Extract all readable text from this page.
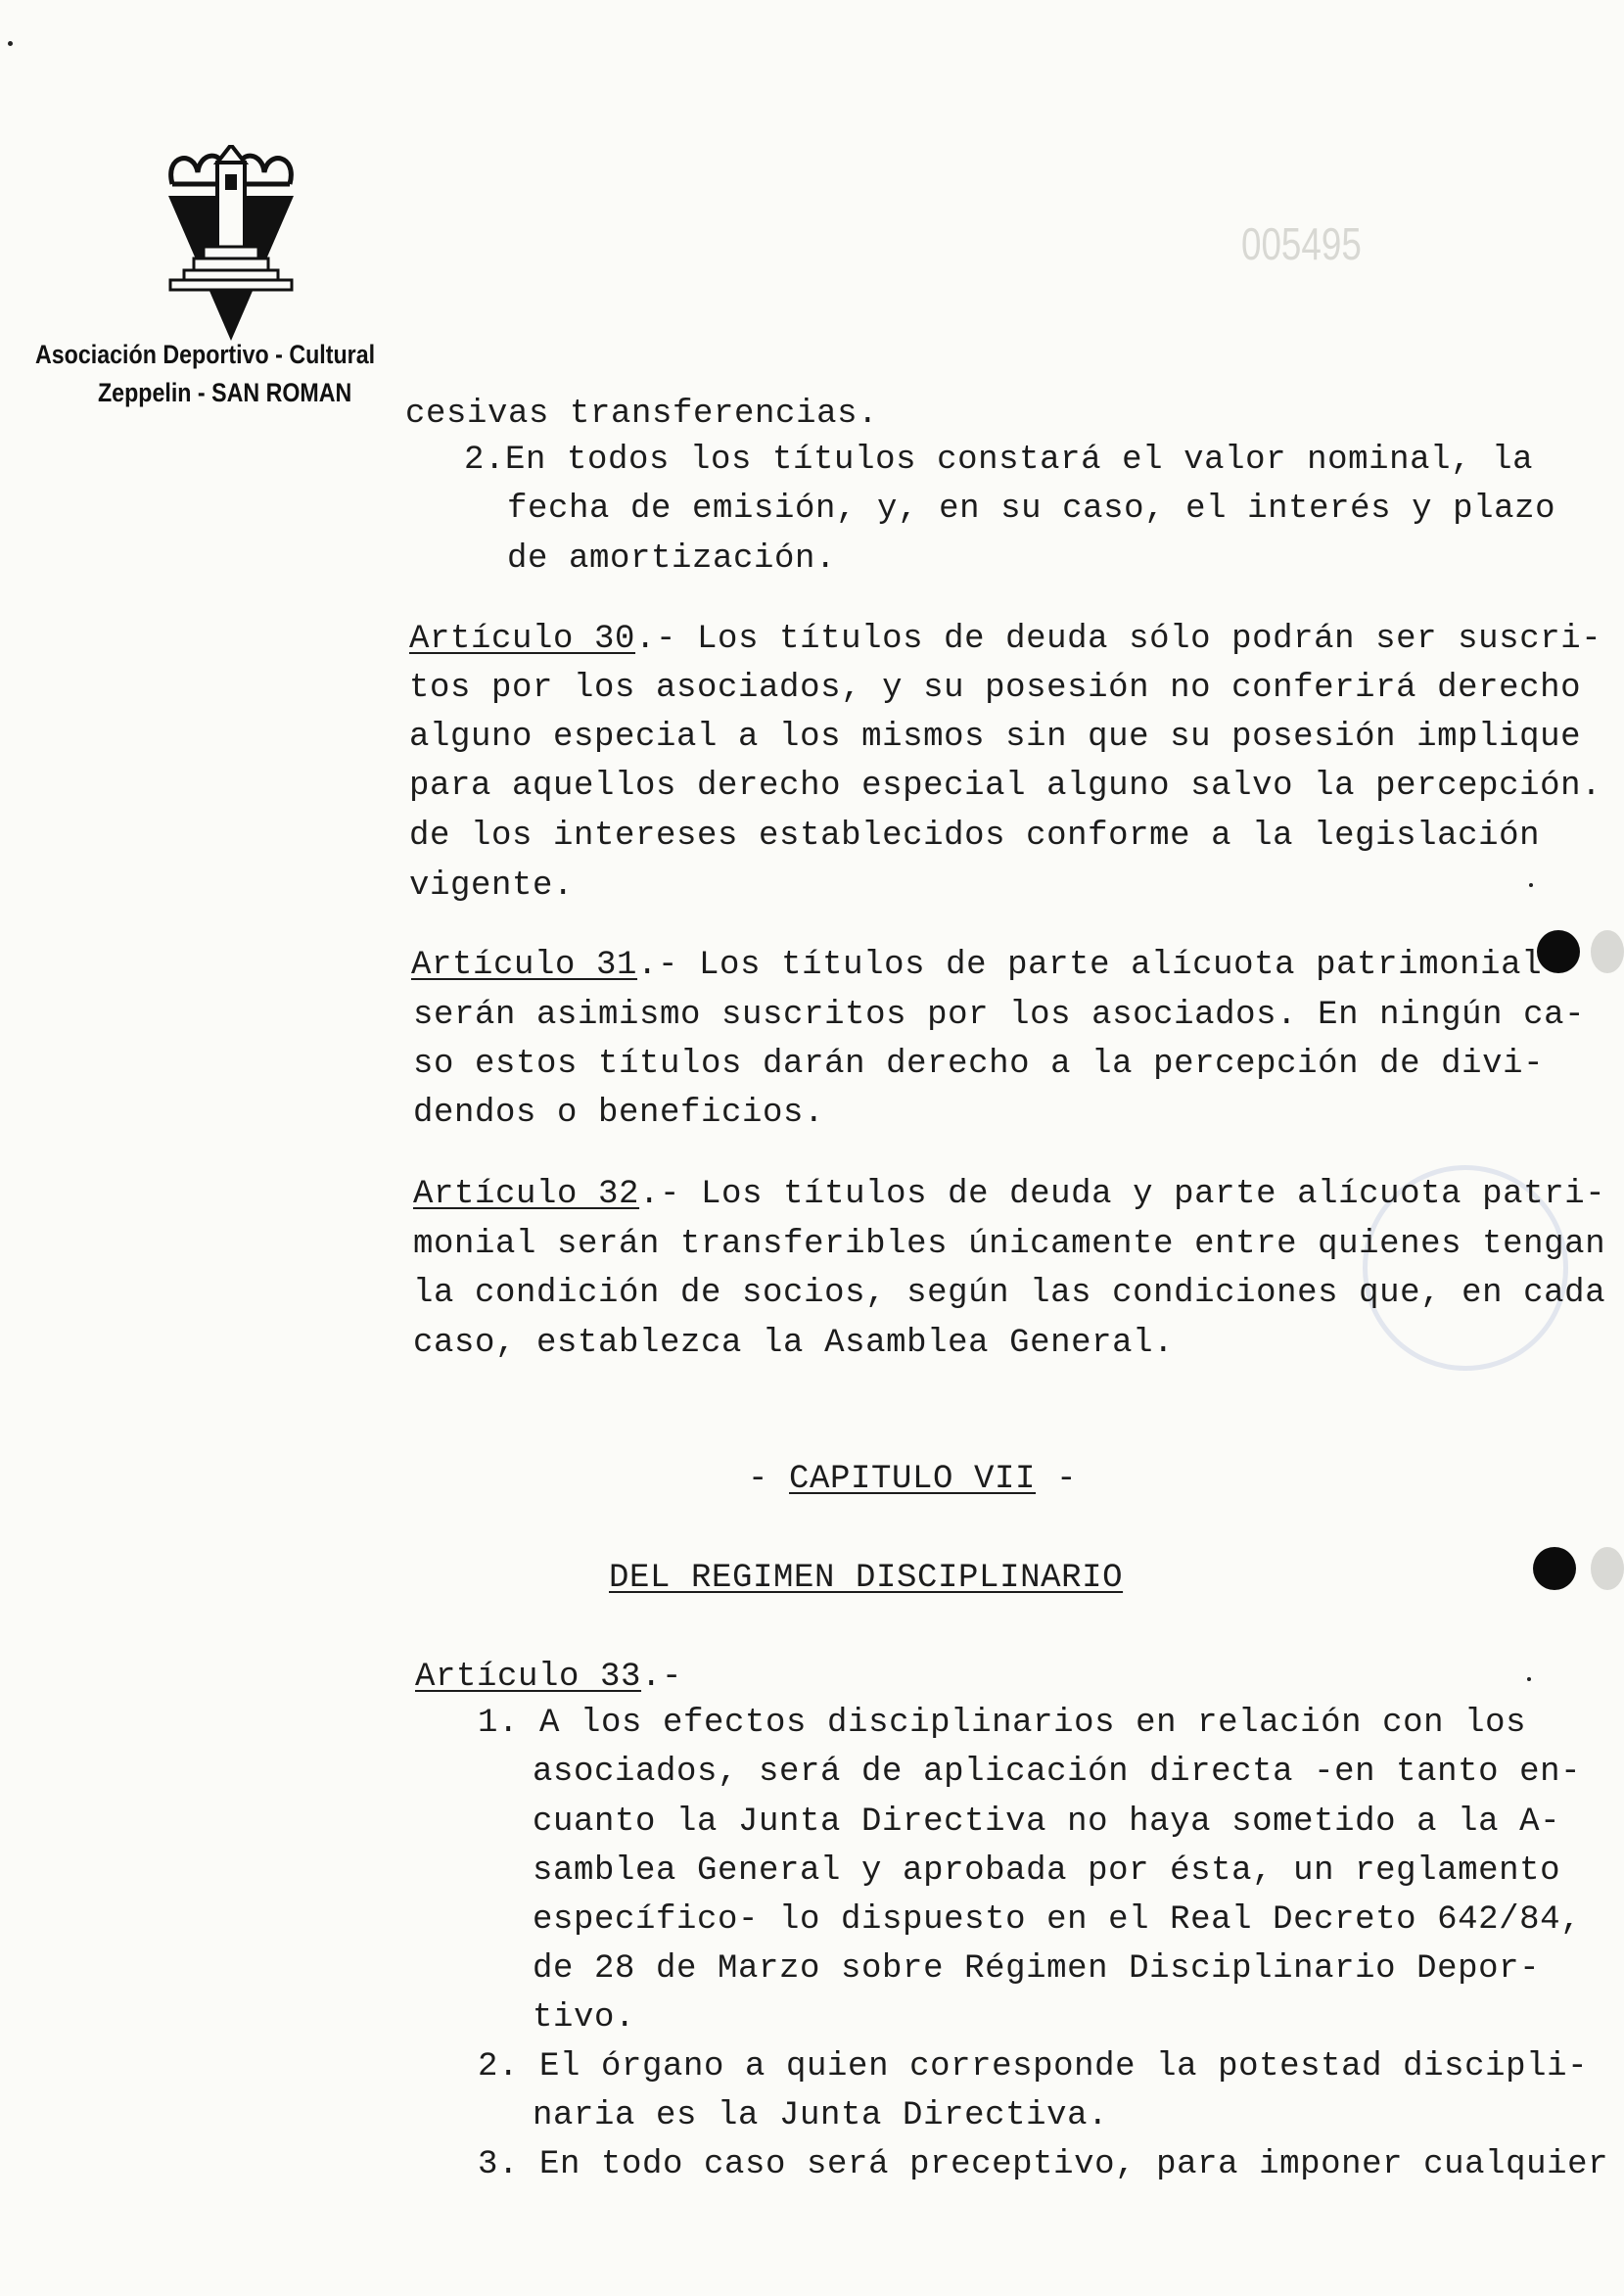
005495
Asociación Deportivo - Cultural
Zeppelin - SAN ROMAN
cesivas transferencias.
2.En todos los títulos constará el valor nominal, la
fecha de emisión, y, en su caso, el interés y plazo
de amortización.
Artículo 30.- Los títulos de deuda sólo podrán ser suscri-
tos por los asociados, y su posesión no conferirá derecho
alguno especial a los mismos sin que su posesión implique
para aquellos derecho especial alguno salvo la percepción.
de los intereses establecidos conforme a la legislación
vigente.
Artículo 31.- Los títulos de parte alícuota patrimonial
serán asimismo suscritos por los asociados. En ningún ca-
so estos títulos darán derecho a la percepción de divi-
dendos o beneficios.
Artículo 32.- Los títulos de deuda y parte alícuota patri-
monial serán transferibles únicamente entre quienes tengan
la condición de socios, según las condiciones que, en cada
caso, establezca la Asamblea General.
- CAPITULO VII -
DEL REGIMEN DISCIPLINARIO
Artículo 33.-
1. A los efectos disciplinarios en relación con los
asociados, será de aplicación directa -en tanto en-
cuanto la Junta Directiva no haya sometido a la A-
samblea General y aprobada por ésta, un reglamento
específico- lo dispuesto en el Real Decreto 642/84,
de 28 de Marzo sobre Régimen Disciplinario Depor-
tivo.
2. El órgano a quien corresponde la potestad discipli-
naria es la Junta Directiva.
3. En todo caso será preceptivo, para imponer cualquier
